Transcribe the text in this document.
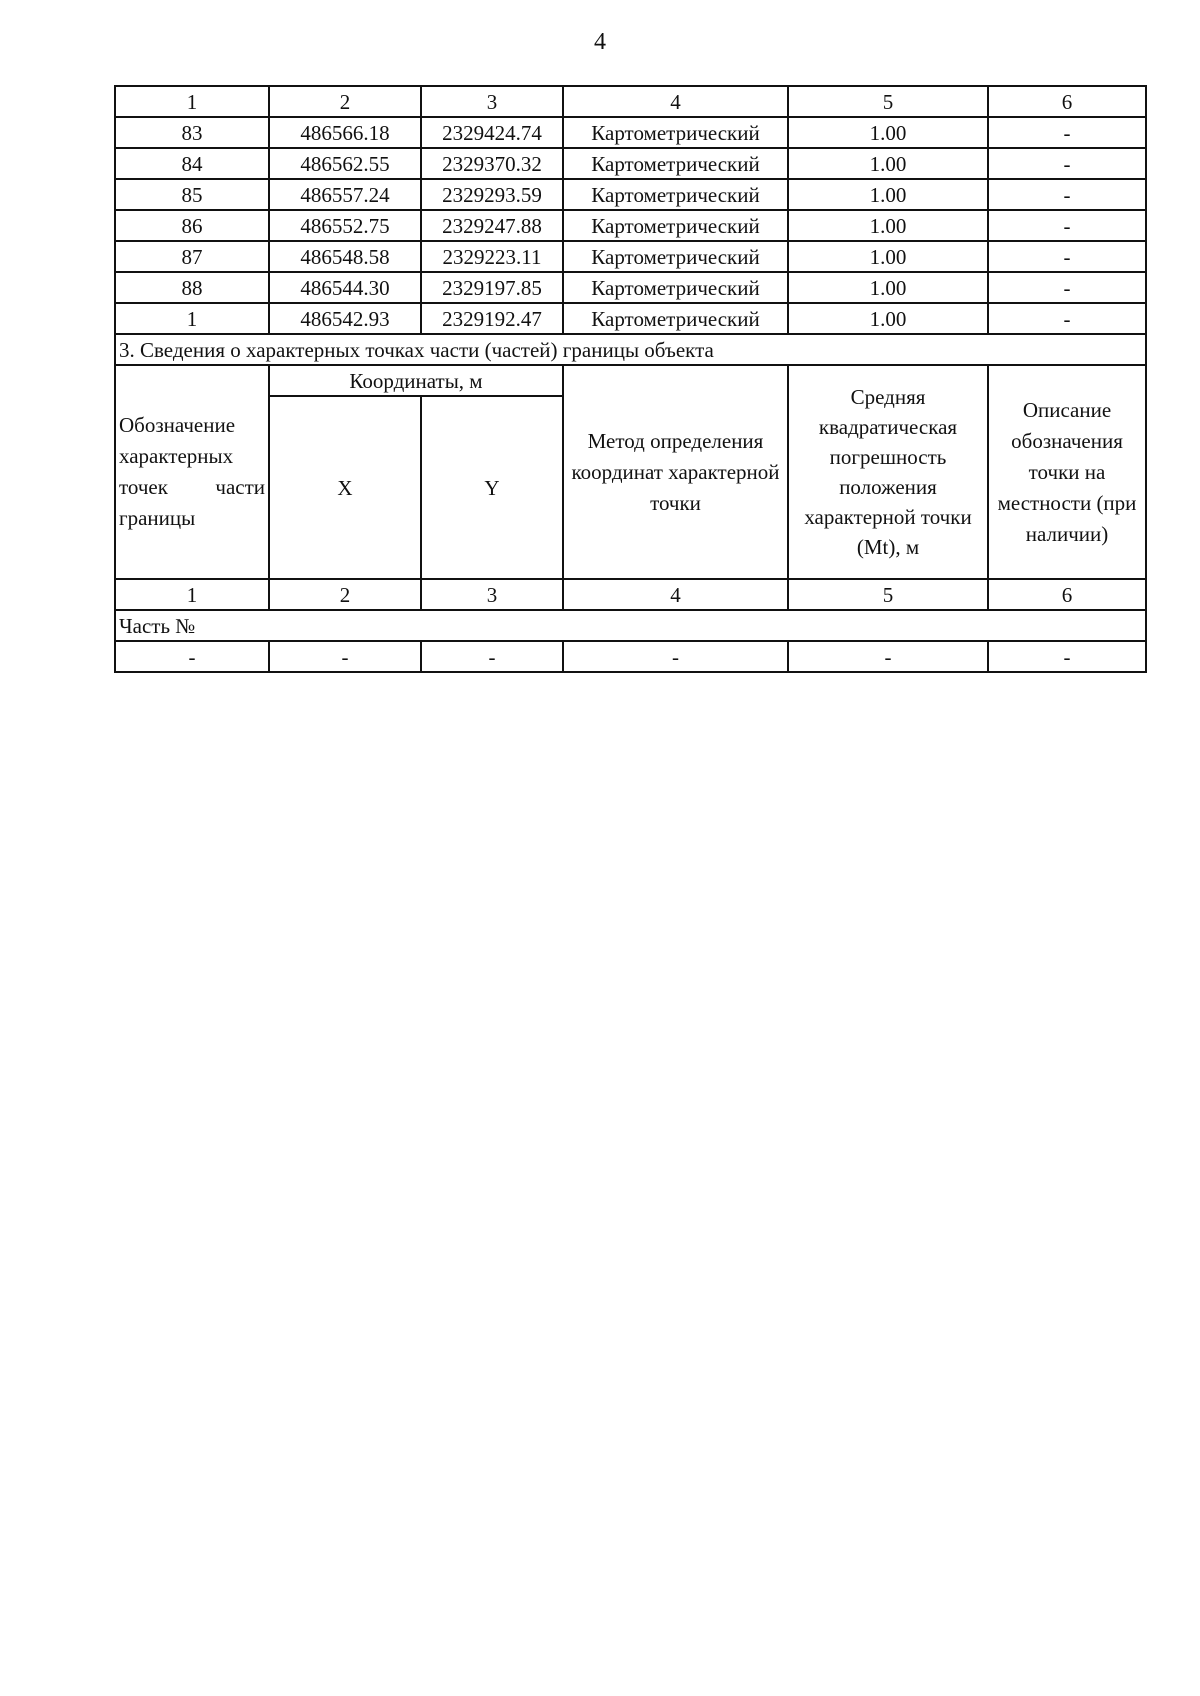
4
1	2	3	4	5	6
83	486566.18	2329424.74	Картометрический	1.00	-
84	486562.55	2329370.32	Картометрический	1.00	-
85	486557.24	2329293.59	Картометрический	1.00	-
86	486552.75	2329247.88	Картометрический	1.00	-
87	486548.58	2329223.11	Картометрический	1.00	-
88	486544.30	2329197.85	Картометрический	1.00	-
1	486542.93	2329192.47	Картометрический	1.00	-
3. Сведения о характерных точках части (частей) границы объекта					
Обозначение характерных точек части границы	Координаты, м		Метод определения координат характерной точки	Средняя квадратическая погрешность положения характерной точки (Mt), м	Описание обозначения точки на местности (при наличии)
	X	Y			
1	2	3	4	5	6
Часть №					
-	-	-	-	-	-
